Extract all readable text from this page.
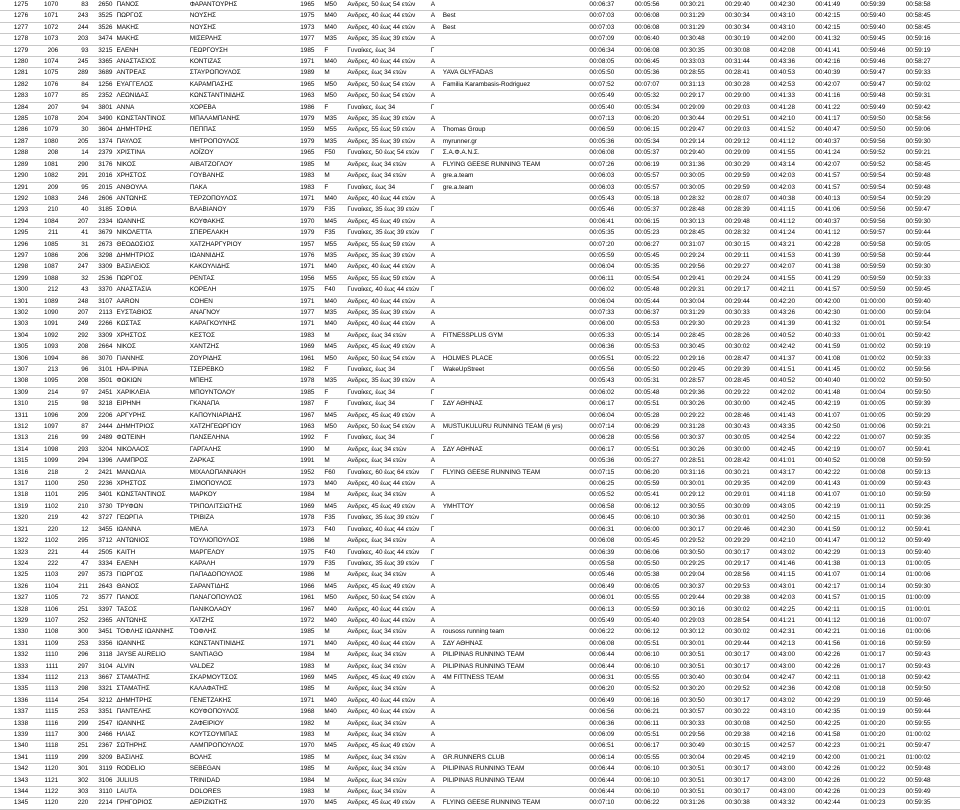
1275	1070	83	2650	ΠΑΝΟΣ	ΦΑΡΑΝΤΟΥΡΗΣ	1965	M50	Ανδρες, 50 έως 54 ετών	Α		00:06:37	00:05:56	00:30:21	00:29:40	00:42:30	00:41:49	00:59:39	00:58:58
1276	1071	243	3525	ΠΩΡΓΟΣ	ΝΟΥΣΗΣ	1975	M40	Ανδρες, 40 έως 44 ετών	Α	Best	00:07:03	00:06:08	00:31:29	00:30:34	00:43:10	00:42:15	00:59:40	00:58:45
1277	1072	244	3526	ΜΑΚΗΣ	ΝΟΥΣΗΣ	1973	M40	Ανδρες, 40 έως 44 ετών	Α	Best	00:07:03	00:06:08	00:31:29	00:30:34	00:43:10	00:42:15	00:59:40	00:58:45
1278	1073	203	3474	ΜΑΚΗΣ	ΜΙΣΕΡΛΗΣ	1977	M35	Ανδρες, 35 έως 39 ετών	Α		00:07:09	00:06:40	00:30:48	00:30:19	00:42:00	00:41:32	00:59:45	00:59:16
1279	206	93	3215	ΕΛΕΝΗ	ΓΕΩΡΓΟΥΣΗ	1985	F	Γυναίκες, έως 34	Γ		00:06:34	00:06:08	00:30:35	00:30:08	00:42:08	00:41:41	00:59:46	00:59:19
1280	1074	245	3365	ΑΝΑΣΤΑΣΙΟΣ	ΚΟΝΤΙΖΑΣ	1971	M40	Ανδρες, 40 έως 44 ετών	Α		00:08:05	00:06:45	00:33:03	00:31:44	00:43:36	00:42:16	00:59:46	00:58:27
1281	1075	289	3689	ΑΝΤΡΕΑΣ	ΣΤΑΥΡΟΠΟΥΛΟΣ	1989	M	Ανδρες, έως 34 ετών	Α	YAVA GLYFADAS	00:05:50	00:05:36	00:28:55	00:28:41	00:40:53	00:40:39	00:59:47	00:59:33
1282	1076	84	1256	ΕΥΑΓΓΕΛΟΣ	ΚΑΡΑΜΠΑΣΗΣ	1965	M50	Ανδρες, 50 έως 54 ετών	Α	Familia Karambasis-Rodriguez	00:07:52	00:07:07	00:31:13	00:30:28	00:42:53	00:42:07	00:59:47	00:59:02
1283	1077	85	2352	ΛΕΩΝΙΔΑΣ	ΚΩΝΣΤΑΝΤΙΝΙΔΗΣ	1963	M50	Ανδρες, 50 έως 54 ετών	Α		00:05:49	00:05:32	00:29:17	00:29:00	00:41:33	00:41:16	00:59:48	00:59:31
1284	207	94	3801	ΑΝΝΑ	ΧΟΡΕΒΑ	1986	F	Γυναίκες, έως 34	Γ		00:05:40	00:05:34	00:29:09	00:29:03	00:41:28	00:41:22	00:59:49	00:59:42
1285	1078	204	3490	ΚΩΝΣΤΑΝΤΙΝΟΣ	ΜΠΑΛΑΜΠΑΝΗΣ	1979	M35	Ανδρες, 35 έως 39 ετών	Α		00:07:13	00:06:20	00:30:44	00:29:51	00:42:10	00:41:17	00:59:50	00:58:56
1286	1079	30	3604	ΔΗΜΗΤΡΗΣ	ΠΕΠΠΑΣ	1959	M55	Ανδρες, 55 έως 59 ετών	Α	Thomas Group	00:06:59	00:06:15	00:29:47	00:29:03	00:41:52	00:40:47	00:59:50	00:59:06
1287	1080	205	1374	ΠΑΥΛΟΣ	ΜΗΤΡΟΠΟΥΛΟΣ	1979	M35	Ανδρες, 35 έως 39 ετών	Α	myrunner.gr	00:05:36	00:05:34	00:29:14	00:29:12	00:41:12	00:40:37	00:59:56	00:59:30
1288	208	14	2379	ΧΡΙΣΤΙΝΑ	ΛΟΪΖΟΥ	1965	F50	Γυναίκες, 50 έως 54 ετών	Γ	Σ.Α.Φ.Α.Ν.Σ.	00:06:08	00:05:37	00:29:40	00:29:09	00:41:55	00:41:24	00:59:52	00:59:21
1289	1081	290	3176	ΝΙΚΟΣ	ΑΙΒΑΤΖΟΓΛΟΥ	1985	M	Ανδρες, έως 34 ετών	Α	FLYING GEESE RUNNING TEAM	00:07:26	00:06:19	00:31:36	00:30:29	00:43:14	00:42:07	00:59:52	00:58:45
1290	1082	291	2016	ΧΡΗΣΤΟΣ	ΓΟΥΒΑΝΗΣ	1983	M	Ανδρες, έως 34 ετών	Α	gre.a.team	00:06:03	00:05:57	00:30:05	00:29:59	00:42:03	00:41:57	00:59:54	00:59:48
1291	209	95	2015	ΑΝΘΟΥΛΑ	ΠΑΚΑ	1983	F	Γυναίκες, έως 34	Γ	gre.a.team	00:06:03	00:05:57	00:30:05	00:29:59	00:42:03	00:41:57	00:59:54	00:59:48
1292	1083	246	2606	ΑΝΤΩΝΗΣ	ΤΕΡΖΟΠΟΥΛΟΣ	1971	M40	Ανδρες, 40 έως 44 ετών	Α		00:05:43	00:05:18	00:28:32	00:28:07	00:40:38	00:40:13	00:59:54	00:59:29
1293	210	40	3185	ΣΟΦΙΑ	ΒΛΑΒΙΑΝΟΥ	1979	F35	Γυναίκες, 35 έως 39 ετών	Γ		00:05:46	00:05:37	00:28:48	00:28:39	00:41:15	00:41:06	00:59:56	00:59:47
1294	1084	207	2334	ΙΩΑΝΝΗΣ	ΚΟΥΦΑΚΗΣ	1970	M45	Ανδρες, 45 έως 49 ετών	Α		00:06:41	00:06:15	00:30:13	00:29:48	00:41:12	00:40:37	00:59:56	00:59:30
1295	211	41	3679	ΝΙΚΟΛΕΤΤΑ	ΣΠΕΡΕΛΑΚΗ	1979	F35	Γυναίκες, 35 έως 39 ετών	Γ		00:05:35	00:05:23	00:28:45	00:28:32	00:41:24	00:41:12	00:59:57	00:59:44
1296	1085	31	2673	ΘΕΟΔΟΣΙΟΣ	ΧΑΤΖΗΑΡΓΥΡΙΟΥ	1957	M55	Ανδρες, 55 έως 59 ετών	Α		00:07:20	00:06:27	00:31:07	00:30:15	00:43:21	00:42:28	00:59:58	00:59:05
1297	1086	206	3298	ΔΗΜΗΤΡΙΟΣ	ΙΩΑΝΝΙΔΗΣ	1976	M35	Ανδρες, 35 έως 39 ετών	Α		00:05:59	00:05:45	00:29:24	00:29:11	00:41:53	00:41:39	00:59:58	00:59:44
1298	1087	247	3309	ΒΑΣΙΛΕΙΟΣ	ΚΑΚΟΥΛΙΔΗΣ	1971	M40	Ανδρες, 40 έως 44 ετών	Α		00:06:04	00:05:35	00:29:56	00:29:27	00:42:07	00:41:38	00:59:59	00:59:30
1299	1088	32	2536	ΠΩΡΓΟΣ	ΡΕΝΤΑΣ	1956	M55	Ανδρες, 55 έως 59 ετών	Α		00:06:11	00:05:54	00:29:41	00:29:24	00:41:55	00:41:29	00:59:59	00:59:33
1300	212	43	3370	ΑΝΑΣΤΑΣΙΑ	ΚΟΡΕΛΗ	1975	F40	Γυναίκες, 40 έως 44 ετών	Γ		00:06:02	00:05:48	00:29:31	00:29:17	00:42:11	00:41:57	00:59:59	00:59:45
1301	1089	248	3107	AARON	COHEN	1971	M40	Ανδρες, 40 έως 44 ετών	Α		00:06:04	00:05:44	00:30:04	00:29:44	00:42:20	00:42:00	01:00:00	00:59:40
1302	1090	207	2113	ΕΥΣΤΑΘΙΟΣ	ΑΝΑΓΝΟΥ	1977	M35	Ανδρες, 35 έως 39 ετών	Α		00:07:33	00:06:37	00:31:29	00:30:33	00:43:26	00:42:30	01:00:00	00:59:04
1303	1091	249	2266	ΚΩΣΤΑΣ	ΚΑΡΑΓΚΟΥΝΗΣ	1971	M40	Ανδρες, 40 έως 44 ετών	Α		00:06:00	00:05:53	00:29:30	00:29:23	00:41:39	00:41:32	01:00:01	00:59:54
1304	1092	292	3309	ΧΡΗΣΤΟΣ	ΚΕΣΤΟΣ	1983	M	Ανδρες, έως 34 ετών	Α	FITNESSPLUS GYM	00:05:33	00:05:14	00:28:45	00:28:26	00:40:52	00:40:33	01:00:01	00:59:42
1305	1093	208	2664	ΝΙΚΟΣ	ΧΑΝΤΖΗΣ	1969	M45	Ανδρες, 45 έως 49 ετών	Α		00:06:36	00:05:53	00:30:45	00:30:02	00:42:42	00:41:59	01:00:02	00:59:19
1306	1094	86	3070	ΓΙΑΝΝΗΣ	ΖΟΥΡΙΔΗΣ	1961	M50	Ανδρες, 50 έως 54 ετών	Α	HOLMES PLACE	00:05:51	00:05:22	00:29:16	00:28:47	00:41:37	00:41:08	01:00:02	00:59:33
1307	213	96	3101	ΗΡΑ-ΙΡΙΝΑ	ΤΣΕΡΕΒΚΟ	1982	F	Γυναίκες, έως 34	Γ	WakeUpStreet	00:05:56	00:05:50	00:29:45	00:29:39	00:41:51	00:41:45	01:00:02	00:59:56
1308	1095	208	3501	ΦΩΚΙΩΝ	ΜΠΕΗΣ	1978	M35	Ανδρες, 35 έως 39 ετών	Α		00:05:43	00:05:31	00:28:57	00:28:45	00:40:52	00:40:40	01:00:02	00:59:50
1309	214	97	2451	ΧΑΡΙΚΛΕΙΑ	ΜΠΟΥΝΤΟΛΟΥ	1985	F	Γυναίκες, έως 34	Γ		00:06:02	00:05:48	00:29:36	00:29:22	00:42:02	00:41:48	01:00:04	00:59:50
1310	215	98	3218	ΕΙΡΗΝΗ	ΓΚΑΝΑΠΑ	1987	F	Γυναίκες, έως 34	Γ	ΣΔΥ ΑΘΗΝΑΣ	00:06:17	00:05:51	00:30:26	00:30:00	00:42:45	00:42:19	01:00:05	00:59:39
1311	1096	209	2206	ΑΡΓΥΡΗΣ	ΚΑΠΟΥΝΙΑΡΙΔΗΣ	1967	M45	Ανδρες, 45 έως 49 ετών	Α		00:06:04	00:05:28	00:29:22	00:28:46	00:41:43	00:41:07	01:00:05	00:59:29
1312	1097	87	2444	ΔΗΜΗΤΡΙΟΣ	ΧΑΤΖΗΓΕΩΡΓΙΟΥ	1963	M50	Ανδρες, 50 έως 54 ετών	Α	MUSTUKULURU RUNNING TEAM (6 yrs)	00:07:14	00:06:29	00:31:28	00:30:43	00:43:35	00:42:50	01:00:06	00:59:21
1313	216	99	2489	ΦΩΤΕΙΝΗ	ΠΑΝΣΕΛΗΝΑ	1992	F	Γυναίκες, έως 34	Γ		00:06:28	00:05:56	00:30:37	00:30:05	00:42:54	00:42:22	01:00:07	00:59:35
1314	1098	293	3204	ΝΙΚΟΛΑΟΣ	ΓΑΡΓΑΛΗΣ	1990	M	Ανδρες, έως 34 ετών	Α	ΣΔΥ ΑΘΗΝΑΣ	00:06:17	00:05:51	00:30:26	00:30:00	00:42:45	00:42:19	01:00:07	00:59:41
1315	1099	294	1396	ΛΑΜΠΡΟΣ	ΖΑΡΚΑΣ	1991	M	Ανδρες, έως 34 ετών	Α		00:05:36	00:05:27	00:28:51	00:28:42	00:41:01	00:40:52	01:00:08	00:59:59
1316	218	2	2421	ΜΑΝΩΛΙΑ	ΜΙΧΑΛΟΠΑΝΝΑΚΗ	1952	F60	Γυναίκες, 60 έως 64 ετών	Γ	FLYING GEESE RUNNING TEAM	00:07:15	00:06:20	00:31:16	00:30:21	00:43:17	00:42:22	01:00:08	00:59:13
1317	1100	250	2236	ΧΡΗΣΤΟΣ	ΣΙΜΟΠΟΥΛΟΣ	1973	M40	Ανδρες, 40 έως 44 ετών	Α		00:06:25	00:05:59	00:30:01	00:29:35	00:42:09	00:41:43	01:00:09	00:59:43
1318	1101	295	3401	ΚΩΝΣΤΑΝΤΙΝΟΣ	ΜΑΡΚΟΥ	1984	M	Ανδρες, έως 34 ετών	Α		00:05:52	00:05:41	00:29:12	00:29:01	00:41:18	00:41:07	01:00:10	00:59:59
1319	1102	210	3730	ΤΡΥΦΩΝ	ΤΡΙΠΟΛΙΤΣΙΩΤΗΣ	1969	M45	Ανδρες, 45 έως 49 ετών	Α	ΥΜΗΤΤΟΥ	00:06:58	00:06:12	00:30:55	00:30:09	00:43:05	00:42:19	01:00:11	00:59:25
1320	219	42	3727	ΓΕΩΡΓΙΑ	ΤΡΙΒΙΖΑ	1978	F35	Γυναίκες, 35 έως 39 ετών	Γ		00:06:45	00:06:10	00:30:36	00:30:01	00:42:50	00:42:15	01:00:11	00:59:36
1321	220	12	3455	ΙΩΑΝΝΑ	ΜΕΛΑ	1973	F40	Γυναίκες, 40 έως 44 ετών	Γ		00:06:31	00:06:00	00:30:17	00:29:46	00:42:30	00:41:59	01:00:12	00:59:41
1322	1102	295	3712	ΑΝΤΩΝΙΟΣ	ΤΟΥΛΙΟΠΟΥΛΟΣ	1986	M	Ανδρες, έως 34 ετών	Α		00:06:08	00:05:45	00:29:52	00:29:29	00:42:10	00:41:47	01:00:12	00:59:49
1323	221	44	2505	ΚΑΙΤΗ	ΜΑΡΓΕΛΟΥ	1975	F40	Γυναίκες, 40 έως 44 ετών	Γ		00:06:39	00:06:06	00:30:50	00:30:17	00:43:02	00:42:29	01:00:13	00:59:40
1324	222	47	3334	ΕΛΕΝΗ	ΚΑΡΑΛΗ	1979	F35	Γυναίκες, 35 έως 39 ετών	Γ		00:05:58	00:05:50	00:29:25	00:29:17	00:41:46	00:41:38	01:00:13	01:00:05
1325	1103	297	3573	ΓΙΩΡΓΟΣ	ΠΑΠΑΔΟΠΟΥΛΟΣ	1986	M	Ανδρες, έως 34 ετών	Α		00:05:46	00:05:38	00:29:04	00:28:56	00:41:15	00:41:07	01:00:14	01:00:06
1326	1104	211	2643	ΘΑΝΟΣ	ΣΑΡΑΝΤΙΔΗΣ	1966	M45	Ανδρες, 45 έως 49 ετών	Α		00:06:49	00:06:05	00:30:37	00:29:53	00:43:01	00:42:17	01:00:14	00:59:30
1327	1105	72	3577	ΠΑΝΟΣ	ΠΑΝΑΓΟΠΟΥΛΟΣ	1961	M50	Ανδρες, 50 έως 54 ετών	Α		00:06:01	00:05:55	00:29:44	00:29:38	00:42:03	00:41:57	01:00:15	01:00:09
1328	1106	251	3397	ΤΑΣΟΣ	ΠΑΝΙΚΟΛΑΟΥ	1967	M40	Ανδρες, 40 έως 44 ετών	Α		00:06:13	00:05:59	00:30:16	00:30:02	00:42:25	00:42:11	01:00:15	01:00:01
1329	1107	252	2365	ΑΝΤΩΝΗΣ	ΧΑΤΖΗΣ	1972	M40	Ανδρες, 40 έως 44 ετών	Α		00:05:49	00:05:40	00:29:03	00:28:54	00:41:21	00:41:12	01:00:16	01:00:07
1330	1108	300	3451	ΤΟΦΛΗΣ ΙΩΑΝΝΗΣ	ΤΟΦΛΗΣ	1985	M	Ανδρες, έως 34 ετών	Α	rousoss running team	00:06:22	00:06:12	00:30:12	00:30:02	00:42:31	00:42:21	01:00:16	01:00:06
1331	1109	253	3356	ΙΩΑΝΝΗΣ	ΚΩΝΣΤΑΝΤΙΝΙΔΗΣ	1971	M40	Ανδρες, 40 έως 44 ετών	Α	ΣΔΥ ΑΘΗΝΑΣ	00:06:08	00:05:51	00:30:01	00:29:44	00:42:13	00:41:56	01:00:16	00:59:59
1332	1110	296	3118	JAYSE AURELIO	SANTIAGO	1984	M	Ανδρες, έως 34 ετών	Α	PILIPINAS RUNNING TEAM	00:06:44	00:06:10	00:30:51	00:30:17	00:43:00	00:42:26	01:00:17	00:59:43
1333	1111	297	3104	ALVIN	VALDEZ	1983	M	Ανδρες, έως 34 ετών	Α	PILIPINAS RUNNING TEAM	00:06:44	00:06:10	00:30:51	00:30:17	00:43:00	00:42:26	01:00:17	00:59:43
1334	1112	213	3667	ΣΤΑΜΑΤΗΣ	ΣΚΑΡΜΟΥΤΣΟΣ	1969	M45	Ανδρες, 45 έως 49 ετών	Α	4M FITTNESS TEAM	00:06:31	00:05:55	00:30:40	00:30:04	00:42:47	00:42:11	01:00:18	00:59:42
1335	1113	298	3321	ΣΤΑΜΑΤΗΣ	ΚΑΛΑΦΑΤΗΣ	1985	M	Ανδρες, έως 34 ετών	Α		00:06:20	00:05:52	00:30:20	00:29:52	00:42:36	00:42:08	01:00:18	00:59:50
1336	1114	254	3212	ΔΗΜΗΤΡΗΣ	ΓΕΝΕΤΖΑΚΗΣ	1971	M40	Ανδρες, 40 έως 44 ετών	Α		00:06:49	00:06:16	00:30:50	00:30:17	00:43:02	00:42:29	01:00:19	00:59:46
1337	1115	253	3351	ΠΑΝΤΕΛΗΣ	ΚΟΥΦΟΠΟΥΛΟΣ	1968	M40	Ανδρες, 40 έως 44 ετών	Α		00:06:56	00:06:21	00:30:57	00:30:22	00:43:10	00:42:35	01:00:19	00:59:44
1338	1116	299	2547	ΙΩΑΝΝΗΣ	ΖΑΦΕΙΡΙΟΥ	1982	M	Ανδρες, έως 34 ετών	Α		00:06:36	00:06:11	00:30:33	00:30:08	00:42:50	00:42:25	01:00:20	00:59:55
1339	1117	300	2466	ΗΛΙΑΣ	ΚΟΥΤΣΟΥΜΠΑΣ	1983	M	Ανδρες, έως 34 ετών	Α		00:06:09	00:05:51	00:29:56	00:29:38	00:42:16	00:41:58	01:00:20	01:00:02
1340	1118	251	2367	ΣΩΤΗΡΗΣ	ΛΑΜΠΡΟΠΟΥΛΟΣ	1970	M45	Ανδρες, 45 έως 49 ετών	Α		00:06:51	00:06:17	00:30:49	00:30:15	00:42:57	00:42:23	01:00:21	00:59:47
1341	1119	299	3209	ΒΑΣΙΛΗΣ	ΒΟΛΗΣ	1985	M	Ανδρες, έως 34 ετών	Α	GR.RUNNERS CLUB	00:06:14	00:05:55	00:30:04	00:29:45	00:42:19	00:42:00	01:00:21	01:00:02
1342	1120	301	3119	RODELIO	SEBEGAN	1985	M	Ανδρες, έως 34 ετών	Α	PILIPINAS RUNNING TEAM	00:06:44	00:06:10	00:30:51	00:30:17	00:43:00	00:42:26	01:00:22	00:59:48
1343	1121	302	3106	JULIUS	TRINIDAD	1984	M	Ανδρες, έως 34 ετών	Α	PILIPINAS RUNNING TEAM	00:06:44	00:06:10	00:30:51	00:30:17	00:43:00	00:42:26	01:00:22	00:59:48
1344	1122	303	3110	LAUTA	DOLORES	1983	M	Ανδρες, έως 34 ετών	Α		00:06:44	00:06:10	00:30:51	00:30:17	00:43:00	00:42:26	01:00:23	00:59:49
1345	1120	220	2214	ΓΡΗΓΟΡΙΟΣ	ΔΕΡΙΖΙΩΤΗΣ	1970	M45	Ανδρες, 45 έως 49 ετών	Α	FLYING GEESE RUNNING TEAM	00:07:10	00:06:22	00:31:26	00:30:38	00:43:32	00:42:44	01:00:23	00:59:35
